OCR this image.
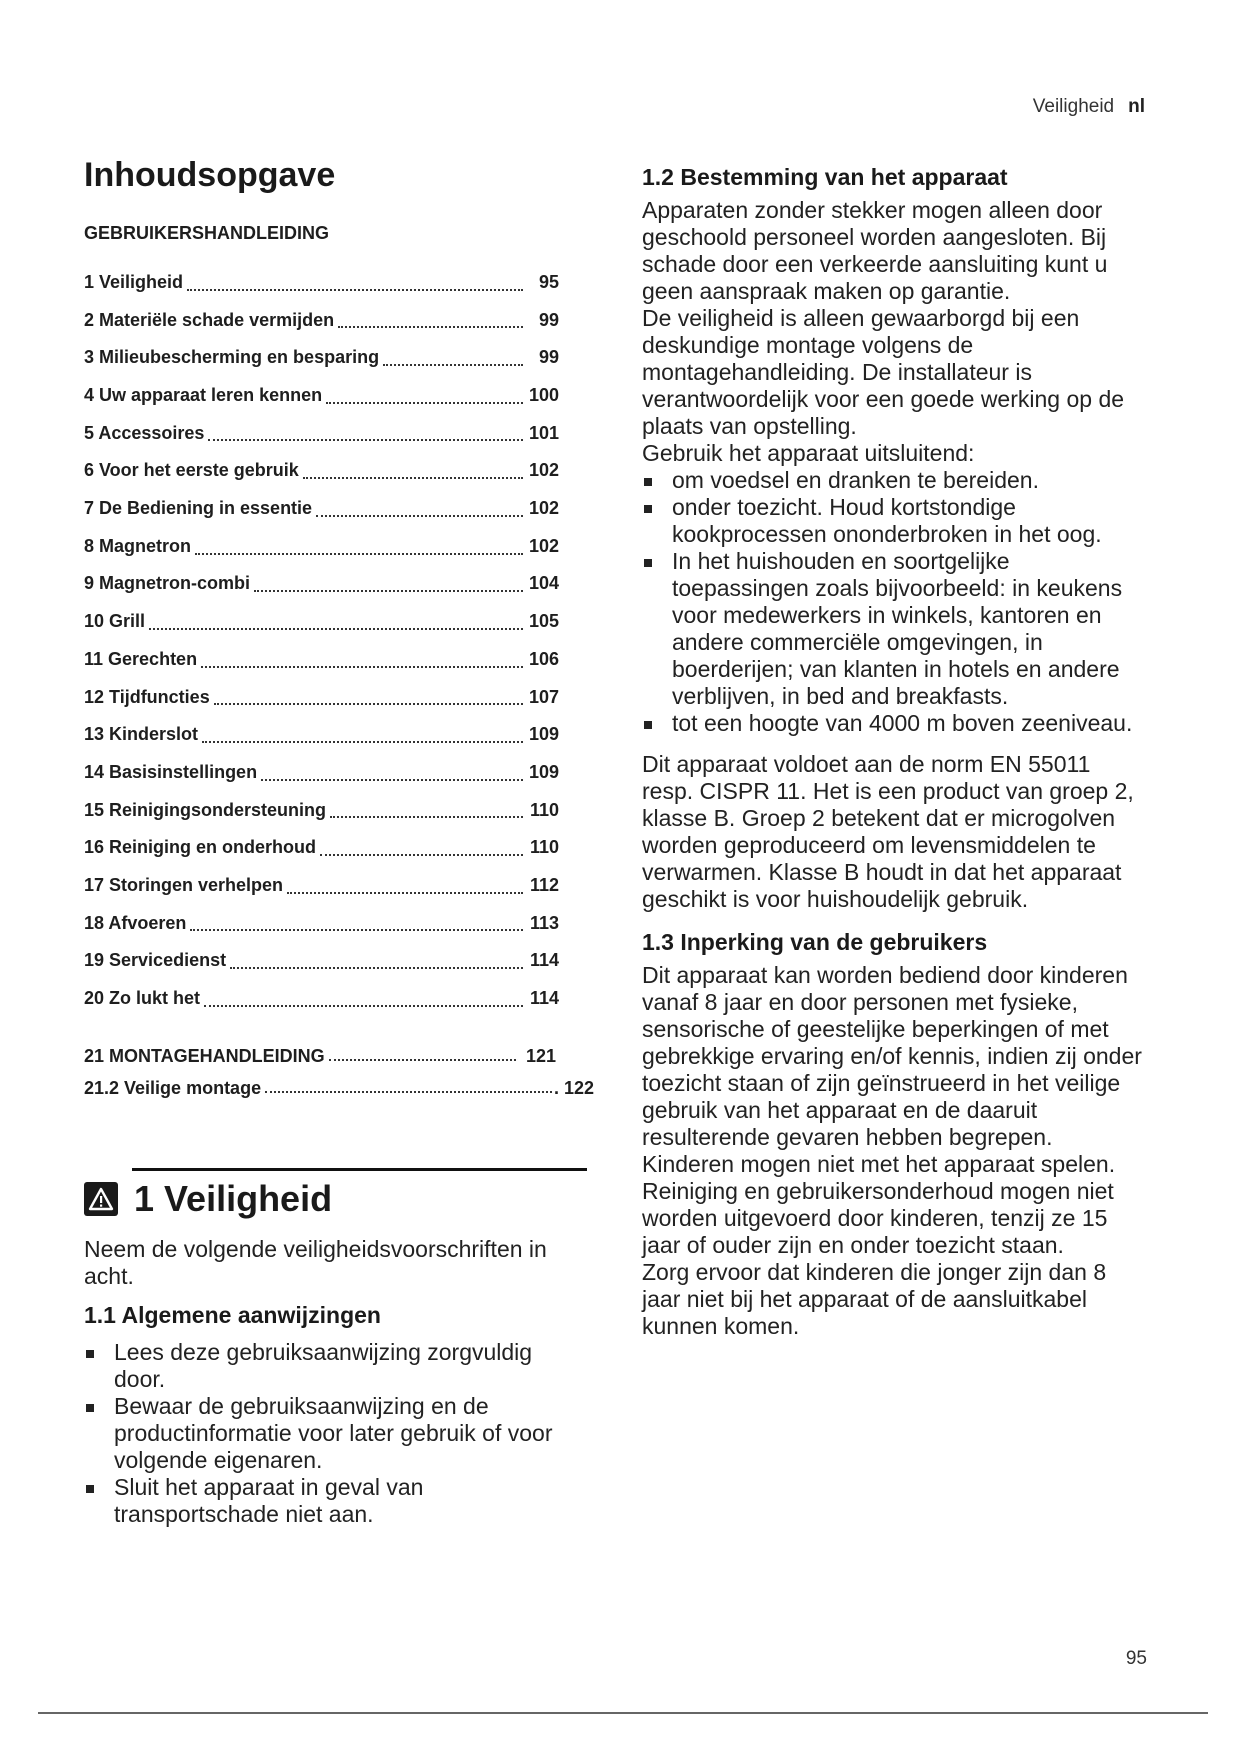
Veiligheid nl
Inhoudsopgave
GEBRUIKERSHANDLEIDING
1 Veiligheid	95
2 Materiële schade vermijden	99
3 Milieubescherming en besparing	99
4 Uw apparaat leren kennen	100
5 Accessoires	101
6 Voor het eerste gebruik	102
7 De Bediening in essentie	102
8 Magnetron	102
9 Magnetron-combi	104
10 Grill	105
11 Gerechten	106
12 Tijdfuncties	107
13 Kinderslot	109
14 Basisinstellingen	109
15 Reinigingsondersteuning	110
16 Reiniging en onderhoud	110
17 Storingen verhelpen	112
18 Afvoeren	113
19 Servicedienst	114
20 Zo lukt het	114
21 MONTAGEHANDLEIDING	121
21.2 Veilige montage	. 122
1 Veiligheid

Neem de volgende veiligheidsvoorschriften in acht.

1.1 Algemene aanwijzingen
Lees deze gebruiksaanwijzing zorgvuldig door.
Bewaar de gebruiksaanwijzing en de productinformatie voor later gebruik of voor volgende eigenaren.
Sluit het apparaat in geval van transportschade niet aan.
1.2 Bestemming van het apparaat

Apparaten zonder stekker mogen alleen door geschoold personeel worden aangesloten. Bij schade door een verkeerde aansluiting kunt u geen aanspraak maken op garantie.

De veiligheid is alleen gewaarborgd bij een deskundige montage volgens de montagehandleiding. De installateur is verantwoordelijk voor een goede werking op de plaats van opstelling.

Gebruik het apparaat uitsluitend:

om voedsel en dranken te bereiden.
onder toezicht. Houd kortstondige kookprocessen ononderbroken in het oog.
In het huishouden en soortgelijke toepassingen zoals bijvoorbeeld: in keukens voor medewerkers in winkels, kantoren en andere commerciële omgevingen, in boerderijen; van klanten in hotels en andere verblijven, in bed and breakfasts.
tot een hoogte van 4000 m boven zeeniveau.

Dit apparaat voldoet aan de norm EN 55011 resp. CISPR 11. Het is een product van groep 2, klasse B. Groep 2 betekent dat er microgolven worden geproduceerd om levensmiddelen te verwarmen. Klasse B houdt in dat het apparaat geschikt is voor huishoudelijk gebruik.

1.3 Inperking van de gebruikers

Dit apparaat kan worden bediend door kinderen vanaf 8 jaar en door personen met fysieke, sensorische of geestelijke beperkingen of met gebrekkige ervaring en/of kennis, indien zij onder toezicht staan of zijn geïnstrueerd in het veilige gebruik van het apparaat en de daaruit resulterende gevaren hebben begrepen.

Kinderen mogen niet met het apparaat spelen.

Reiniging en gebruikersonderhoud mogen niet worden uitgevoerd door kinderen, tenzij ze 15 jaar of ouder zijn en onder toezicht staan.

Zorg ervoor dat kinderen die jonger zijn dan 8 jaar niet bij het apparaat of de aansluitkabel kunnen komen.

95
